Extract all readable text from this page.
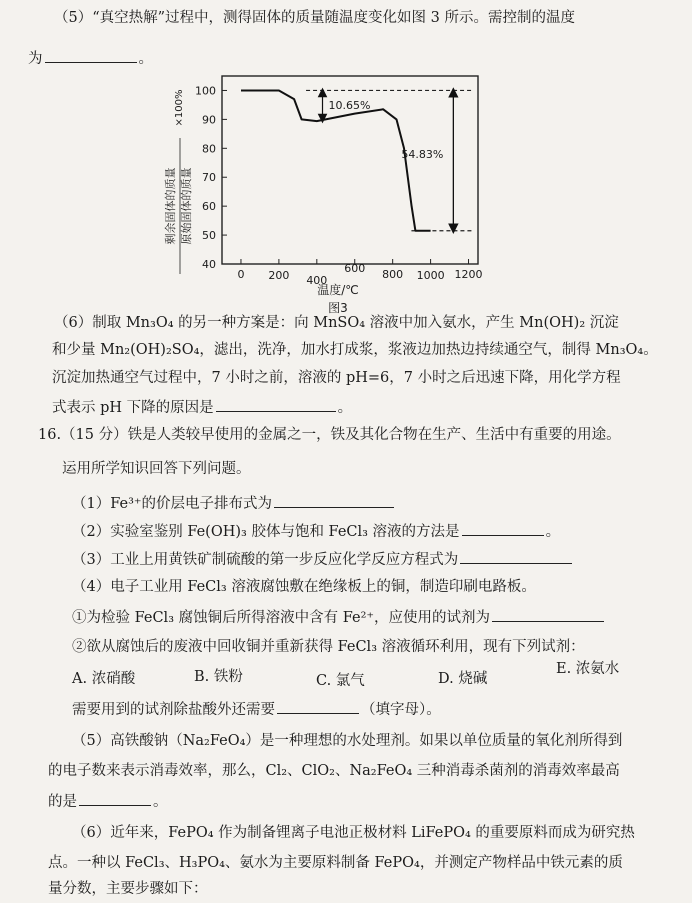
（5）“真空热解”过程中，测得固体的质量随温度变化如图 3 所示。需控制的温度
为	。
剩余固体的质量 原始固体的质量
×100%
温度/℃
图3
40
50
60
70
80
90
100
0 200 400
600 800 1000 1200
10.65%
54.83%
（6）制取 Mn₃O₄ 的另一种方案是：向 MnSO₄ 溶液中加入氨水，产生 Mn(OH)₂ 沉淀
和少量 Mn₂(OH)₂SO₄，滤出，洗净，加水打成浆，浆液边加热边持续通空气，制得 Mn₃O₄。
沉淀加热通空气过程中，7 小时之前，溶液的 pH=6，7 小时之后迅速下降，用化学方程
式表示 pH 下降的原因是	。
16.（15 分）铁是人类较早使用的金属之一，铁及其化合物在生产、生活中有重要的用途。
运用所学知识回答下列问题。
（1）Fe³⁺的价层电子排布式为
（2）实验室鉴别 Fe(OH)₃ 胶体与饱和 FeCl₃ 溶液的方法是	。
（3）工业上用黄铁矿制硫酸的第一步反应化学反应方程式为
（4）电子工业用 FeCl₃ 溶液腐蚀敷在绝缘板上的铜，制造印刷电路板。
①为检验 FeCl₃ 腐蚀铜后所得溶液中含有 Fe²⁺，应使用的试剂为
②欲从腐蚀后的废液中回收铜并重新获得 FeCl₃ 溶液循环利用，现有下列试剂：
A. 浓硝酸	B. 铁粉	C. 氯气	D. 烧碱
E. 浓氨水
需要用到的试剂除盐酸外还需要	（填字母）。
（5）高铁酸钠（Na₂FeO₄）是一种理想的水处理剂。如果以单位质量的氧化剂所得到
的电子数来表示消毒效率，那么，Cl₂、ClO₂、Na₂FeO₄ 三种消毒杀菌剂的消毒效率最高
的是	。
（6）近年来，FePO₄ 作为制备锂离子电池正极材料 LiFePO₄ 的重要原料而成为研究热
点。一种以 FeCl₃、H₃PO₄、氨水为主要原料制备 FePO₄，并测定产物样品中铁元素的质
量分数，主要步骤如下：
